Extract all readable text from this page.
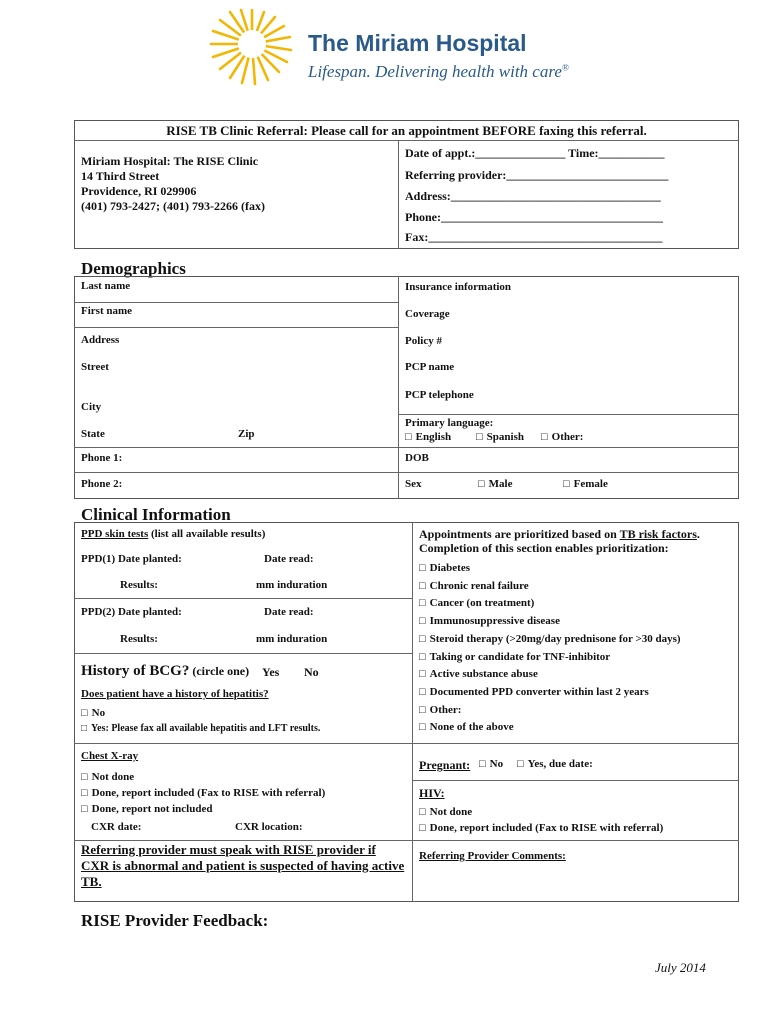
The Miriam Hospital
Lifespan. Delivering health with care®
RISE TB Clinic Referral: Please call for an appointment BEFORE faxing this referral.
Miriam Hospital: The RISE Clinic
14 Third Street
Providence, RI 029906
(401) 793-2427; (401) 793-2266 (fax)
Date of appt.:_______________ Time:___________
Referring provider:___________________________
Address:___________________________________
Phone:_____________________________________
Fax:_______________________________________
Demographics
Last name
First name
Address
Street
City
State	Zip
Phone 1:
Phone 2:
Insurance information
Coverage
Policy #
PCP name
PCP telephone
Primary language:
□ English	□ Spanish	□ Other:
DOB
Sex	□ Male	□ Female
Clinical Information
PPD skin tests (list all available results)
PPD(1) Date planted:	Date read:
Results:	mm induration
PPD(2) Date planted:	Date read:
Results:	mm induration
History of BCG? (circle one) Yes No
Does patient have a history of hepatitis?
□ No
□ Yes: Please fax all available hepatitis and LFT results.
Appointments are prioritized based on TB risk factors.
Completion of this section enables prioritization:
□ Diabetes
□ Chronic renal failure
□ Cancer (on treatment)
□ Immunosuppressive disease
□ Steroid therapy (>20mg/day prednisone for >30 days)
□ Taking or candidate for TNF-inhibitor
□ Active substance abuse
□ Documented PPD converter within last 2 years
□ Other:
□ None of the above
Chest X-ray
□ Not done
□ Done, report included (Fax to RISE with referral)
□ Done, report not included
CXR date:	CXR location:
Referring provider must speak with RISE provider if CXR is abnormal and patient is suspected of having active TB.
Pregnant:	□ No	□ Yes, due date:
HIV:
□ Not done
□ Done, report included (Fax to RISE with referral)
Referring Provider Comments:
RISE Provider Feedback:
July 2014
